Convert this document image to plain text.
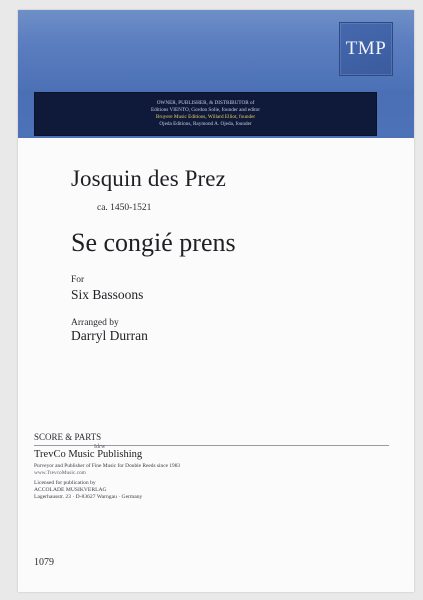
TMP
OWNER, PUBLISHER, & DISTRIBUTOR of
Editions VIENTO, Gordon Solie, founder and editor
Bruyere Music Editions, Willard Elliot, founder
Ojeda Editions, Raymond A. Ojeda, founder
Josquin des Prez
ca. 1450-1521
Se congié prens
For
Six Bassoons
Arranged by
Darryl Durran
SCORE & PARTS
Idrw
TrevCo Music Publishing
Purveyor and Publisher of Fine Music for Double Reeds since 1983
www.TrevcoMusic.com
Licensed for publication by
ACCOLADE MUSIKVERLAG
Lagerhausstr. 23 · D-83627 Warngau · Germany
1079
